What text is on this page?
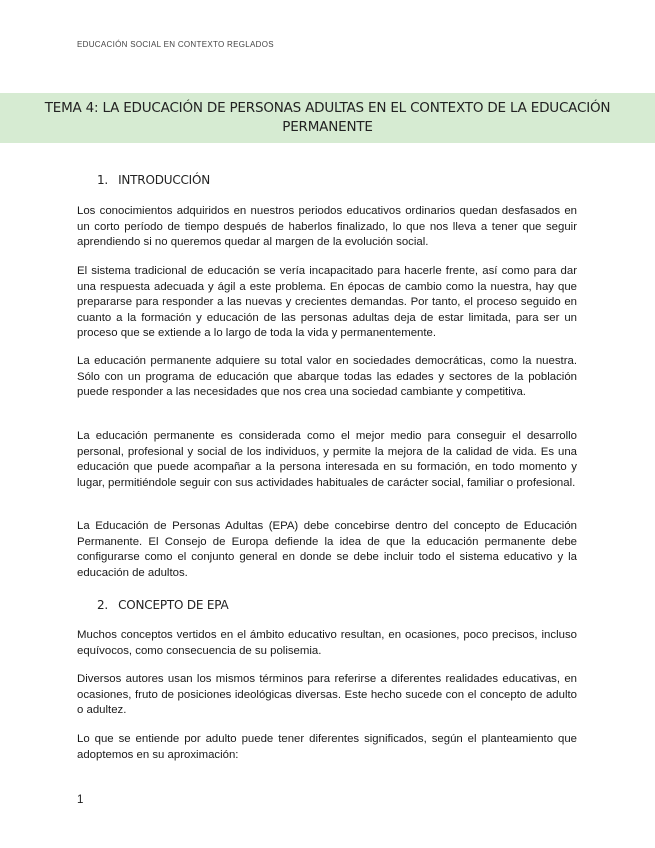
EDUCACIÓN SOCIAL EN CONTEXTO REGLADOS
TEMA 4: LA EDUCACIÓN DE PERSONAS ADULTAS EN EL CONTEXTO DE LA EDUCACIÓN PERMANENTE
1. INTRODUCCIÓN

Los conocimientos adquiridos en nuestros periodos educativos ordinarios quedan desfasados en un corto período de tiempo después de haberlos finalizado, lo que nos lleva a tener que seguir aprendiendo si no queremos quedar al margen de la evolución social.

El sistema tradicional de educación se vería incapacitado para hacerle frente, así como para dar una respuesta adecuada y ágil a este problema. En épocas de cambio como la nuestra, hay que prepararse para responder a las nuevas y crecientes demandas. Por tanto, el proceso seguido en cuanto a la formación y educación de las personas adultas deja de estar limitada, para ser un proceso que se extiende a lo largo de toda la vida y permanentemente.

La educación permanente adquiere su total valor en sociedades democráticas, como la nuestra. Sólo con un programa de educación que abarque todas las edades y sectores de la población puede responder a las necesidades que nos crea una sociedad cambiante y competitiva.

La educación permanente es considerada como el mejor medio para conseguir el desarrollo personal, profesional y social de los individuos, y permite la mejora de la calidad de vida. Es una educación que puede acompañar a la persona interesada en su formación, en todo momento y lugar, permitiéndole seguir con sus actividades habituales de carácter social, familiar o profesional.

La Educación de Personas Adultas (EPA) debe concebirse dentro del concepto de Educación Permanente. El Consejo de Europa defiende la idea de que la educación permanente debe configurarse como el conjunto general en donde se debe incluir todo el sistema educativo y la educación de adultos.

2. CONCEPTO DE EPA

Muchos conceptos vertidos en el ámbito educativo resultan, en ocasiones, poco precisos, incluso equívocos, como consecuencia de su polisemia.

Diversos autores usan los mismos términos para referirse a diferentes realidades educativas, en ocasiones, fruto de posiciones ideológicas diversas. Este hecho sucede con el concepto de adulto o adultez.

Lo que se entiende por adulto puede tener diferentes significados, según el planteamiento que adoptemos en su aproximación:

1
